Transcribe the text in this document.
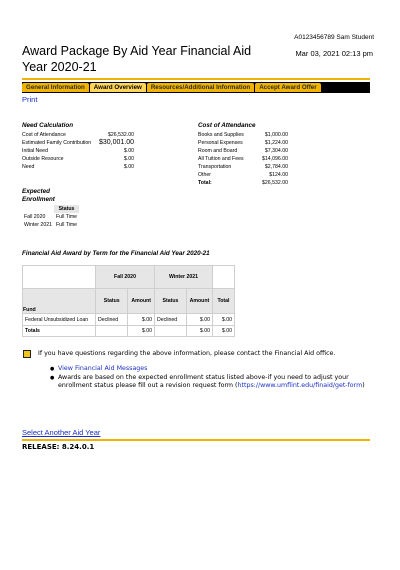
A0123456789 Sam Student
Award Package By Aid Year Financial Aid Year 2020-21
Mar 03, 2021 02:13 pm
General Information	Award Overview	Resources/Additional Information	Accept Award Offer
Print
Need Calculation
Cost of Attendance	$26,532.00
Estimated Family Contribution $30,001.00
Initial Need	$.00
Outside Resource	$.00
Need	$.00
Cost of Attendance
Books and Supplies	$1,000.00
Personal Expenses	$1,224.00
Room and Board	$7,304.00
All Tuition and Fees	$14,096.00
Transportation	$2,784.00
Other	$124.00
Total:	$26,532.00
Expected Enrollment
	Status
Fall 2020	Full Time
Winter 2021	Full Time
Financial Aid Award by Term for the Financial Aid Year 2020-21
	Fall 2020		Winter 2021		
Fund	Status	Amount	Status	Amount	Total
Federal Unsubsidized Loan	Declined	$.00	Declined	$.00	$.00
Totals		$.00		$.00	$.00
If you have questions regarding the above information, please contact the Financial Aid office.
● View Financial Aid Messages
● Awards are based on the expected enrollment status listed above-if you need to adjust your enrollment status please fill out a revision request form (https://www.umflint.edu/finaid/get-form)
Select Another Aid Year
RELEASE: 8.24.0.1
